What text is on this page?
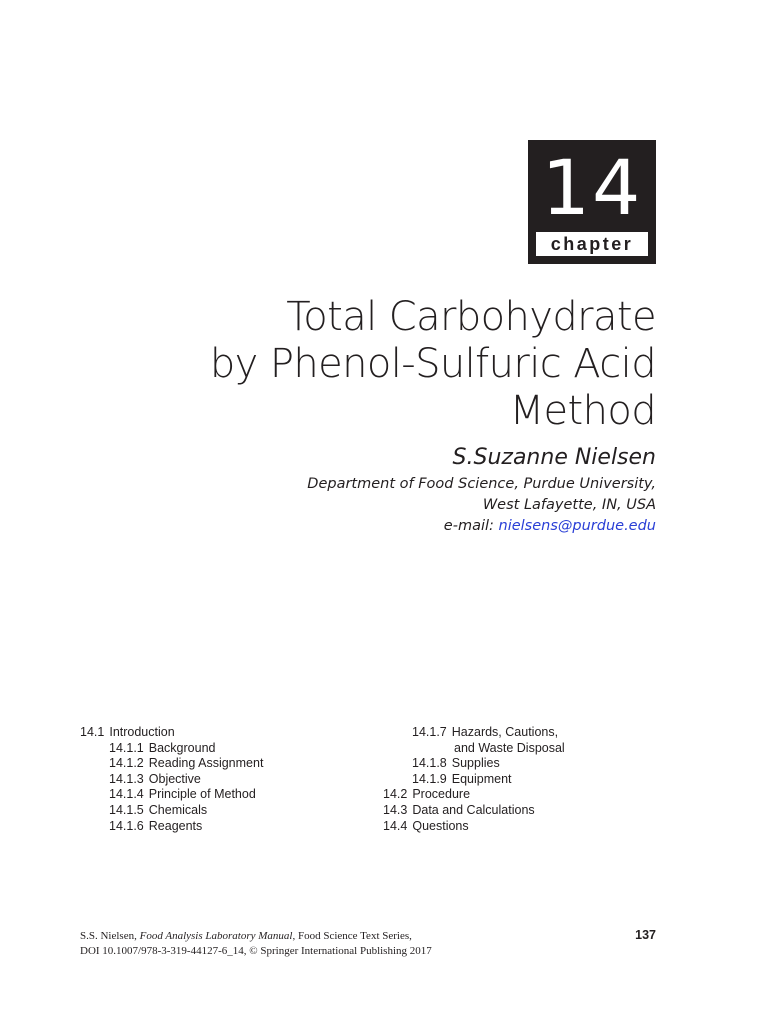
14
chapter
Total Carbohydrate
by Phenol-Sulfuric Acid
Method
S.Suzanne Nielsen
Department of Food Science, Purdue University,
West Lafayette, IN, USA
e-mail: nielsens@purdue.edu
14.1 Introduction
14.1.1 Background
14.1.2 Reading Assignment
14.1.3 Objective
14.1.4 Principle of Method
14.1.5 Chemicals
14.1.6 Reagents
14.1.7 Hazards, Cautions,
and Waste Disposal
14.1.8 Supplies
14.1.9 Equipment
14.2 Procedure
14.3 Data and Calculations
14.4 Questions
S.S. Nielsen, Food Analysis Laboratory Manual, Food Science Text Series,
DOI 10.1007/978-3-319-44127-6_14, © Springer International Publishing 2017
137
